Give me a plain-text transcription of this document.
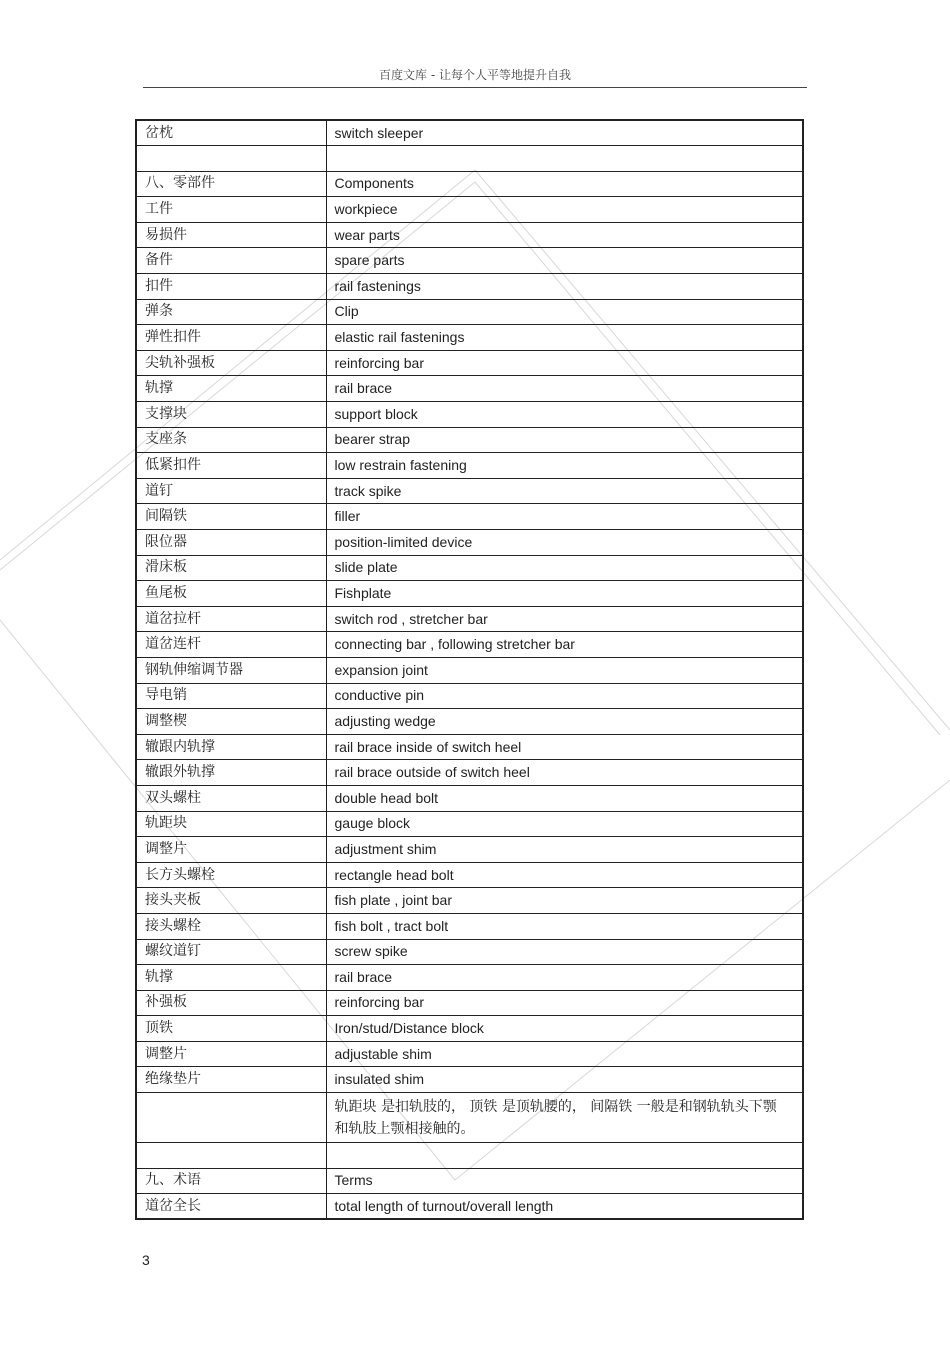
百度文库 - 让每个人平等地提升自我
岔枕	switch sleeper

八、零部件	Components
工件	workpiece
易损件	wear parts
备件	spare parts
扣件	rail fastenings
弹条	Clip
弹性扣件	elastic rail fastenings
尖轨补强板	reinforcing bar
轨撑	rail brace
支撑块	support block
支座条	bearer strap
低紧扣件	low restrain fastening
道钉	track spike
间隔铁	filler
限位器	position-limited device
滑床板	slide plate
鱼尾板	Fishplate
道岔拉杆	switch rod , stretcher bar
道岔连杆	connecting bar , following stretcher bar
钢轨伸缩调节器	expansion joint
导电销	conductive pin
调整楔	adjusting wedge
辙跟内轨撑	rail brace inside of switch heel
辙跟外轨撑	rail brace outside of switch heel
双头螺柱	double head bolt
轨距块	gauge block
调整片	adjustment shim
长方头螺栓	rectangle head bolt
接头夹板	fish plate , joint bar
接头螺栓	fish bolt , tract bolt
螺纹道钉	screw spike
轨撑	rail brace
补强板	reinforcing bar
顶铁	Iron/stud/Distance block
调整片	adjustable shim
绝缘垫片	insulated shim
	轨距块 是扣轨肢的， 顶铁 是顶轨腰的， 间隔铁 一般是和钢轨轨头下颚和轨肢上颚相接触的。

九、术语	Terms
道岔全长	total length of turnout/overall length
3
